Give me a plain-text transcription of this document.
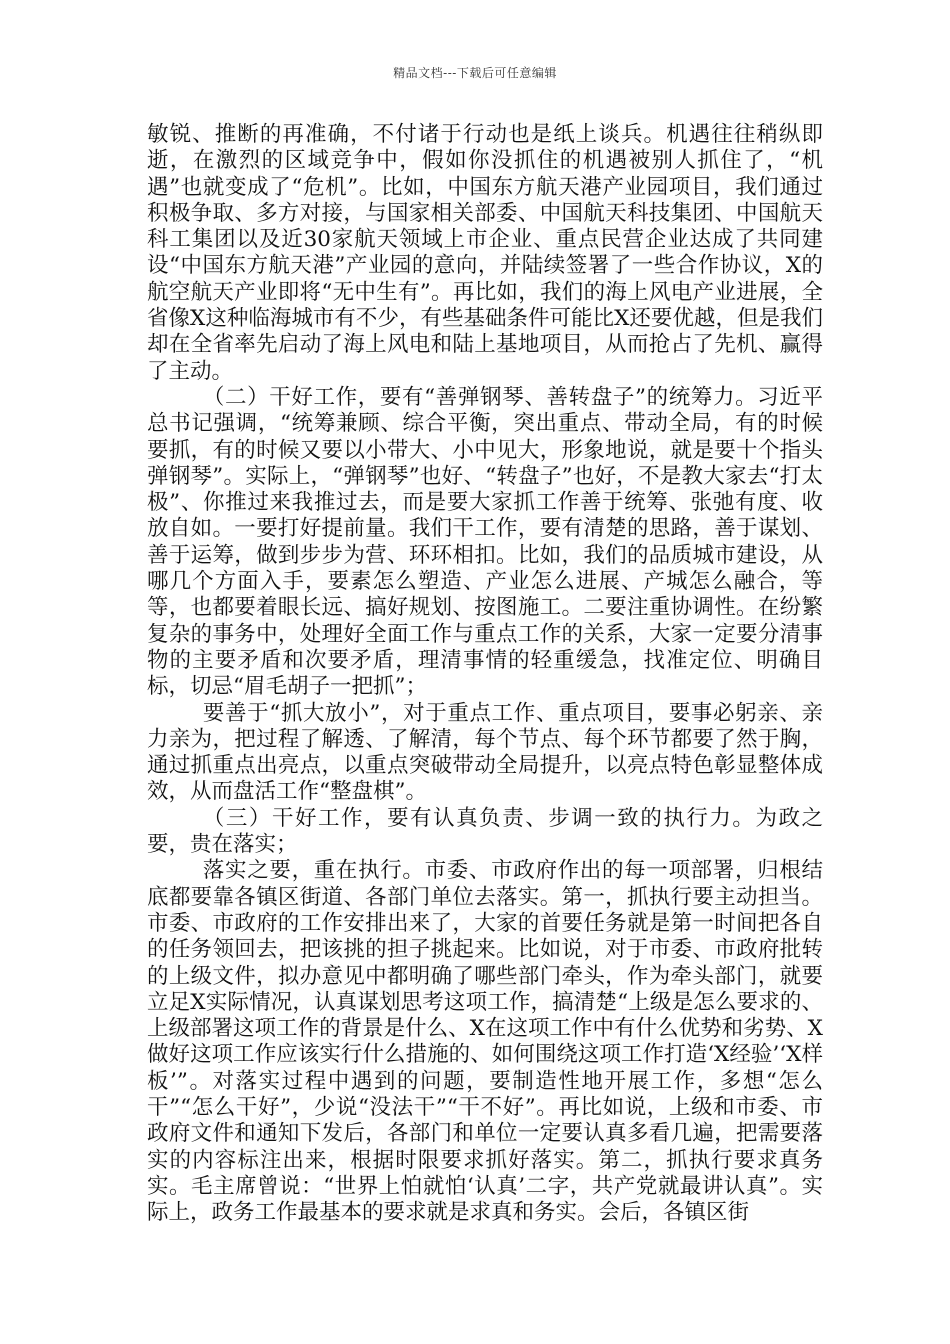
精品文档---下载后可任意编辑

敏锐、推断的再准确，不付诸于行动也是纸上谈兵。机遇往往稍纵即逝，在激烈的区域竞争中，假如你没抓住的机遇被别人抓住了，“机遇”也就变成了“危机”。比如，中国东方航天港产业园项目，我们通过积极争取、多方对接，与国家相关部委、中国航天科技集团、中国航天科工集团以及近30家航天领域上市企业、重点民营企业达成了共同建设“中国东方航天港”产业园的意向，并陆续签署了一些合作协议，X的航空航天产业即将“无中生有”。再比如，我们的海上风电产业进展，全省像X这种临海城市有不少，有些基础条件可能比X还要优越，但是我们却在全省率先启动了海上风电和陆上基地项目，从而抢占了先机、赢得了主动。

（二）干好工作，要有“善弹钢琴、善转盘子”的统筹力。习近平总书记强调，“统筹兼顾、综合平衡，突出重点、带动全局，有的时候要抓，有的时候又要以小带大、小中见大，形象地说，就是要十个指头弹钢琴”。实际上，“弹钢琴”也好、“转盘子”也好，不是教大家去“打太极”、你推过来我推过去，而是要大家抓工作善于统筹、张弛有度、收放自如。一要打好提前量。我们干工作，要有清楚的思路，善于谋划、善于运筹，做到步步为营、环环相扣。比如，我们的品质城市建设，从哪几个方面入手，要素怎么塑造、产业怎么进展、产城怎么融合，等等，也都要着眼长远、搞好规划、按图施工。二要注重协调性。在纷繁复杂的事务中，处理好全面工作与重点工作的关系，大家一定要分清事物的主要矛盾和次要矛盾，理清事情的轻重缓急，找准定位、明确目标，切忌“眉毛胡子一把抓”；

要善于“抓大放小”，对于重点工作、重点项目，要事必躬亲、亲力亲为，把过程了解透、了解清，每个节点、每个环节都要了然于胸，通过抓重点出亮点，以重点突破带动全局提升，以亮点特色彰显整体成效，从而盘活工作“整盘棋”。

（三）干好工作，要有认真负责、步调一致的执行力。为政之要，贵在落实；

落实之要，重在执行。市委、市政府作出的每一项部署，归根结底都要靠各镇区街道、各部门单位去落实。第一，抓执行要主动担当。市委、市政府的工作安排出来了，大家的首要任务就是第一时间把各自的任务领回去，把该挑的担子挑起来。比如说，对于市委、市政府批转的上级文件，拟办意见中都明确了哪些部门牵头，作为牵头部门，就要立足X实际情况，认真谋划思考这项工作，搞清楚“上级是怎么要求的、上级部署这项工作的背景是什么、X在这项工作中有什么优势和劣势、X做好这项工作应该实行什么措施的、如何围绕这项工作打造‘X经验’‘X样板’”。对落实过程中遇到的问题，要制造性地开展工作，多想“怎么干”“怎么干好”，少说“没法干”“干不好”。再比如说，上级和市委、市政府文件和通知下发后，各部门和单位一定要认真多看几遍，把需要落实的内容标注出来，根据时限要求抓好落实。第二，抓执行要求真务实。毛主席曾说：“世界上怕就怕‘认真’二字，共产党就最讲认真”。实际上，政务工作最基本的要求就是求真和务实。会后，各镇区街
